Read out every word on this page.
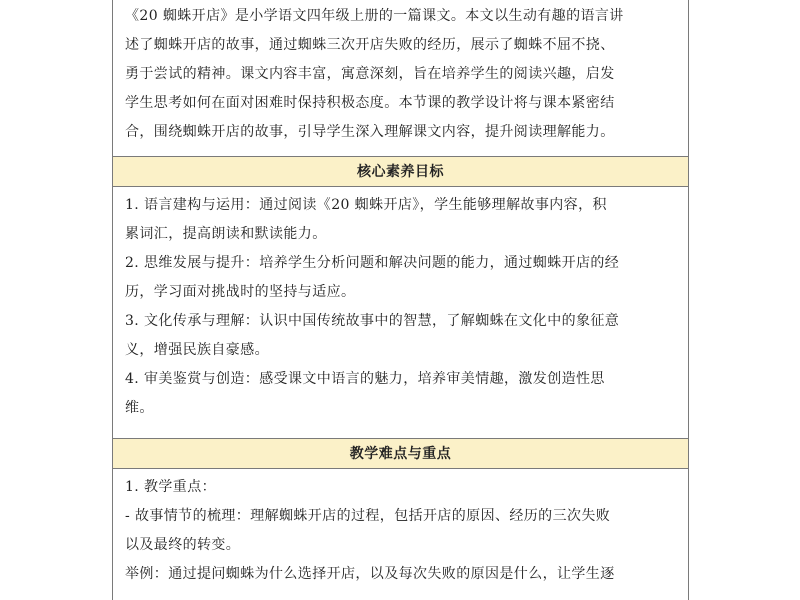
《20 蜘蛛开店》是小学语文四年级上册的一篇课文。本文以生动有趣的语言讲

述了蜘蛛开店的故事，通过蜘蛛三次开店失败的经历，展示了蜘蛛不屈不挠、

勇于尝试的精神。课文内容丰富，寓意深刻，旨在培养学生的阅读兴趣，启发

学生思考如何在面对困难时保持积极态度。本节课的教学设计将与课本紧密结

合，围绕蜘蛛开店的故事，引导学生深入理解课文内容，提升阅读理解能力。

核心素养目标

1. 语言建构与运用：通过阅读《20 蜘蛛开店》，学生能够理解故事内容，积

累词汇，提高朗读和默读能力。

2. 思维发展与提升：培养学生分析问题和解决问题的能力，通过蜘蛛开店的经

历，学习面对挑战时的坚持与适应。

3. 文化传承与理解：认识中国传统故事中的智慧，了解蜘蛛在文化中的象征意

义，增强民族自豪感。

4. 审美鉴赏与创造：感受课文中语言的魅力，培养审美情趣，激发创造性思

维。

教学难点与重点

1. 教学重点：

- 故事情节的梳理：理解蜘蛛开店的过程，包括开店的原因、经历的三次失败

以及最终的转变。

举例：通过提问蜘蛛为什么选择开店，以及每次失败的原因是什么，让学生逐
